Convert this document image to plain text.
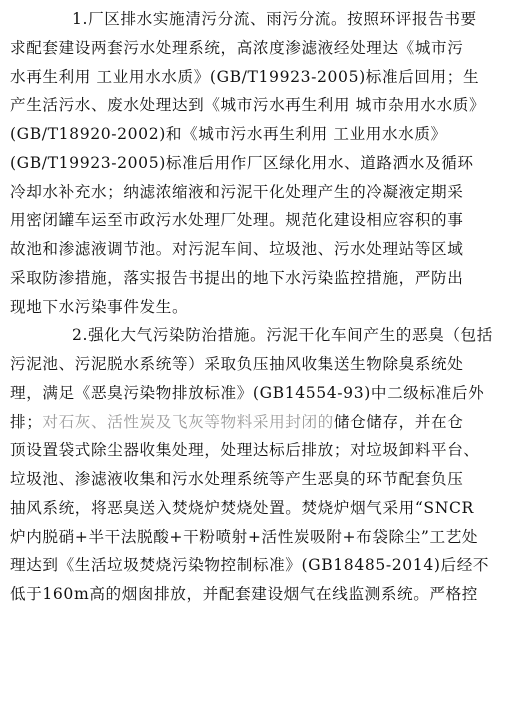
1.厂区排水实施清污分流、雨污分流。按照环评报告书要
求配套建设两套污水处理系统，高浓度渗滤液经处理达《城市污
水再生利用 工业用水水质》(GB/T19923-2005)标准后回用；生
产生活污水、废水处理达到《城市污水再生利用 城市杂用水水质》
(GB/T18920-2002)和《城市污水再生利用 工业用水水质》
(GB/T19923-2005)标准后用作厂区绿化用水、道路洒水及循环
冷却水补充水；纳滤浓缩液和污泥干化处理产生的冷凝液定期采
用密闭罐车运至市政污水处理厂处理。规范化建设相应容积的事
故池和渗滤液调节池。对污泥车间、垃圾池、污水处理站等区域
采取防渗措施，落实报告书提出的地下水污染监控措施，严防出
现地下水污染事件发生。
2.强化大气污染防治措施。污泥干化车间产生的恶臭（包括
污泥池、污泥脱水系统等）采取负压抽风收集送生物除臭系统处
理，满足《恶臭污染物排放标准》(GB14554-93)中二级标准后外
排；对石灰、活性炭及飞灰等物料采用封闭的储仓储存，并在仓
顶设置袋式除尘器收集处理，处理达标后排放；对垃圾卸料平台、
垃圾池、渗滤液收集和污水处理系统等产生恶臭的环节配套负压
抽风系统，将恶臭送入焚烧炉焚烧处置。焚烧炉烟气采用“SNCR
炉内脱硝+半干法脱酸+干粉喷射+活性炭吸附+布袋除尘”工艺处
理达到《生活垃圾焚烧污染物控制标准》(GB18485-2014)后经不
低于160m高的烟囱排放，并配套建设烟气在线监测系统。严格控
